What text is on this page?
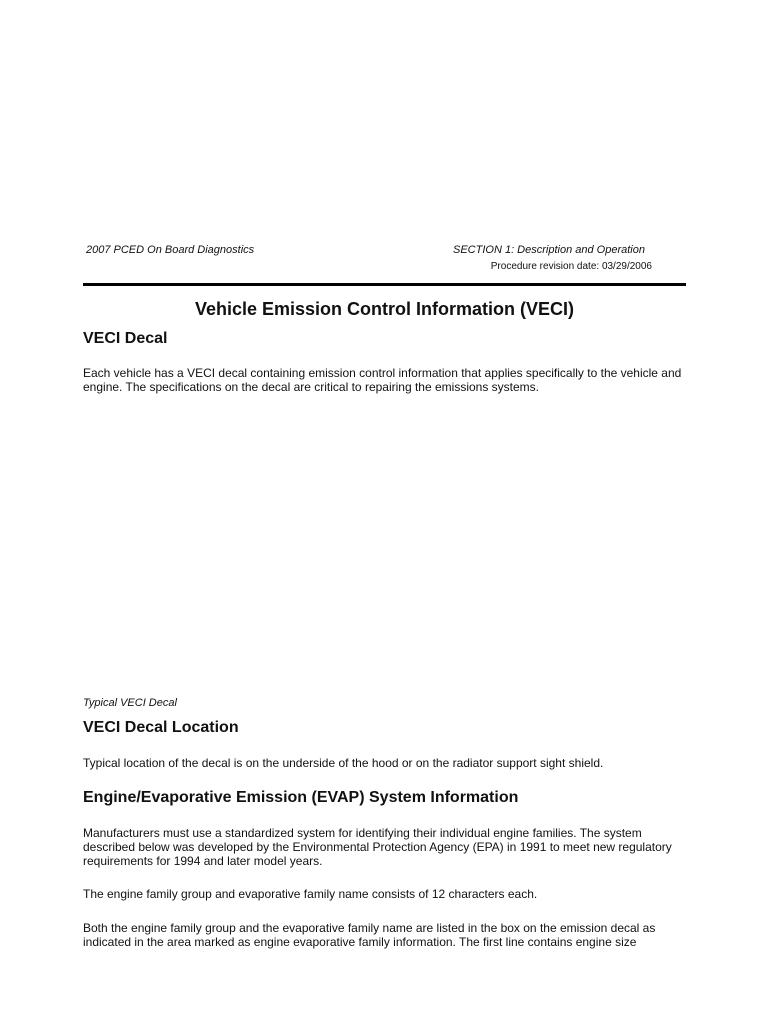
2007 PCED On Board Diagnostics	SECTION 1: Description and Operation
Procedure revision date: 03/29/2006
Vehicle Emission Control Information (VECI)
VECI Decal
Each vehicle has a VECI decal containing emission control information that applies specifically to the vehicle and engine. The specifications on the decal are critical to repairing the emissions systems.
Typical VECI Decal
VECI Decal Location
Typical location of the decal is on the underside of the hood or on the radiator support sight shield.
Engine/Evaporative Emission (EVAP) System Information
Manufacturers must use a standardized system for identifying their individual engine families. The system described below was developed by the Environmental Protection Agency (EPA) in 1991 to meet new regulatory requirements for 1994 and later model years.
The engine family group and evaporative family name consists of 12 characters each.
Both the engine family group and the evaporative family name are listed in the box on the emission decal as indicated in the area marked as engine evaporative family information. The first line contains engine size
